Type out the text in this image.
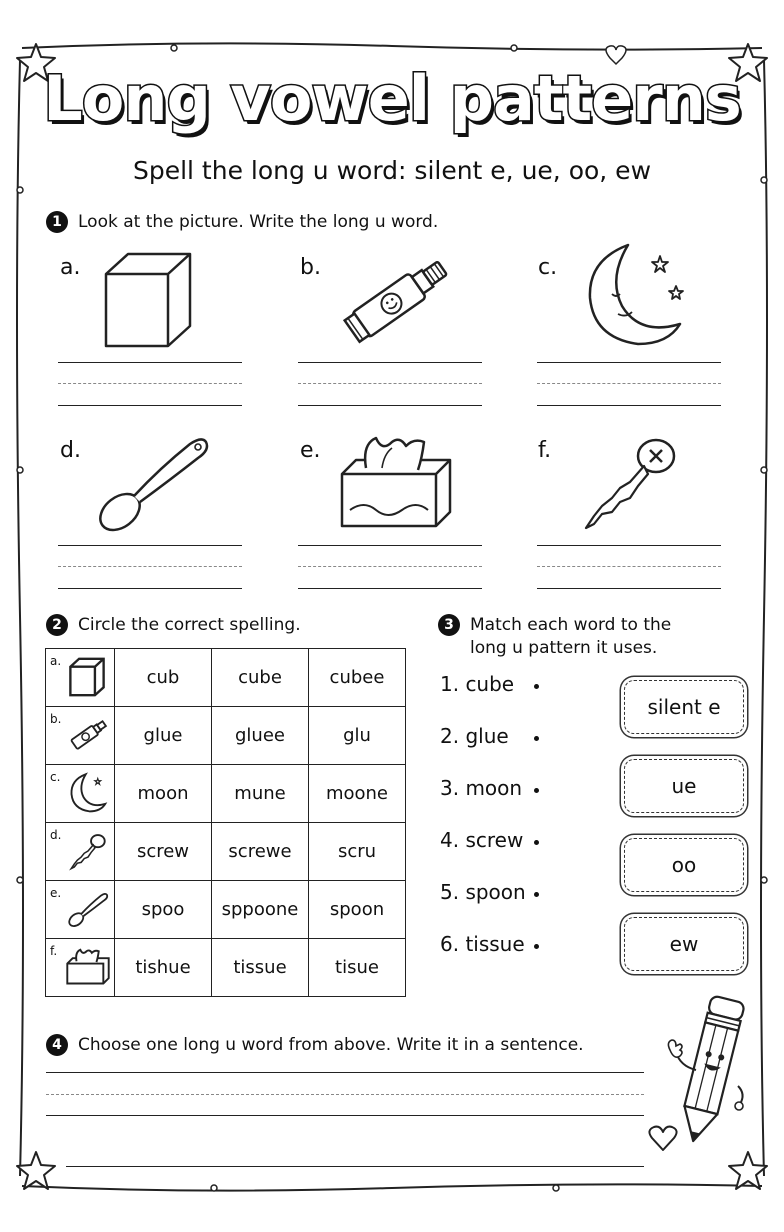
Long vowel patterns
Spell the long u word: silent e, ue, oo, ew
1 Look at the picture. Write the long u word.
a.	b.	c.
d.	e.	f.
2 Circle the correct spelling.
a.	cub	cube	cubee

b.	glue	gluee	glu

c.	moon	mune	moone

d.	screw	screwe	scru

e.	spoo	sppoone	spoon

f.	tishue	tissue	tisue
3 Match each word to the
long u pattern it uses.
1. cube
2. glue
3. moon
4. screw
5. spoon
6. tissue
silent e
ue
oo
ew
4 Choose one long u word from above. Write it in a sentence.
